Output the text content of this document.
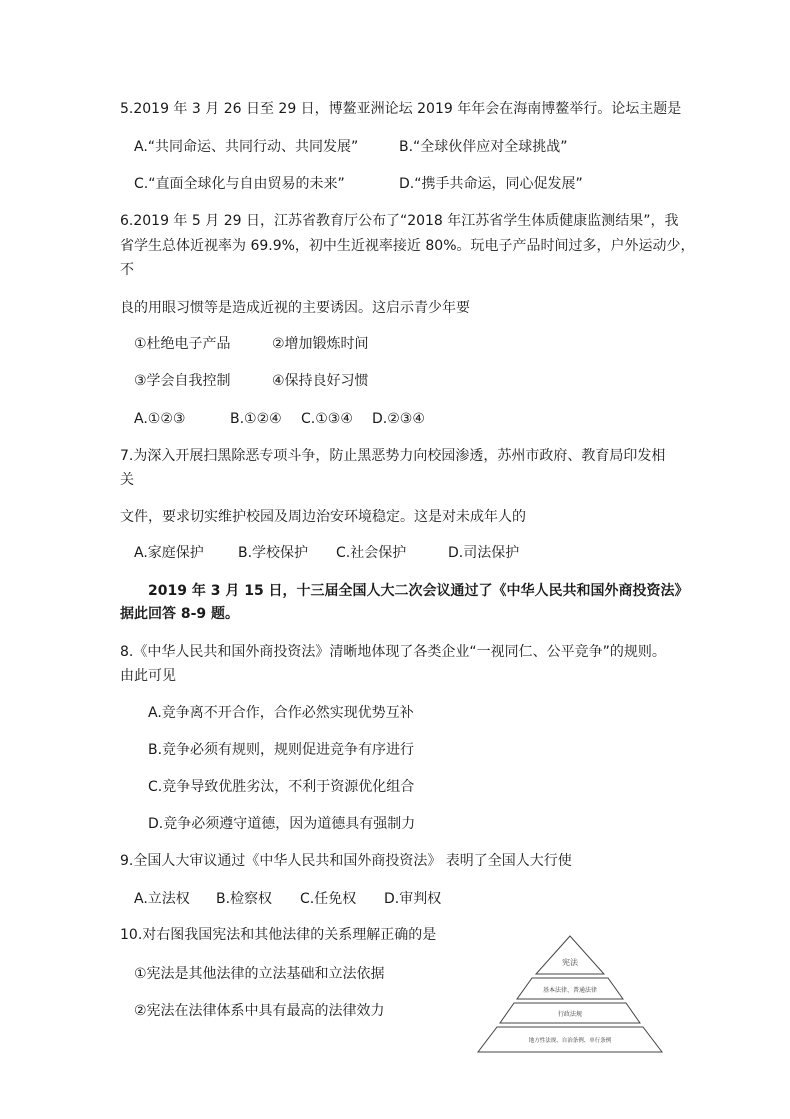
5.2019 年 3 月 26 日至 29 日，博鳌亚洲论坛 2019 年年会在海南博鳌举行。论坛主题是
A.“共同命运、共同行动、共同发展”	B.“全球伙伴应对全球挑战”
C.“直面全球化与自由贸易的未来”	D.“携手共命运，同心促发展”
6.2019 年 5 月 29 日，江苏省教育厅公布了“2018 年江苏省学生体质健康监测结果”，我
省学生总体近视率为 69.9%，初中生近视率接近 80%。玩电子产品时间过多，户外运动少，
不
良的用眼习惯等是造成近视的主要诱因。这启示青少年要
①杜绝电子产品	②增加锻炼时间
③学会自我控制	④保持良好习惯
A.①②③	B.①②④ C.①③④ D.②③④
7.为深入开展扫黑除恶专项斗争，防止黑恶势力向校园渗透，苏州市政府、教育局印发相
关
文件，要求切实维护校园及周边治安环境稳定。这是对未成年人的
A.家庭保护 B.学校保护 C.社会保护	D.司法保护
2019 年 3 月 15 日，十三届全国人大二次会议通过了《中华人民共和国外商投资法》
据此回答 8-9 题。
8.《中华人民共和国外商投资法》清晰地体现了各类企业“一视同仁、公平竞争”的规则。
由此可见
A.竞争离不开合作，合作必然实现优势互补
B.竞争必须有规则，规则促进竞争有序进行
C.竞争导致优胜劣汰，不利于资源优化组合
D.竞争必须遵守道德，因为道德具有强制力
9.全国人大审议通过《中华人民共和国外商投资法》 表明了全国人大行使
A.立法权 B.检察权 C.任免权 D.审判权
10.对右图我国宪法和其他法律的关系理解正确的是
①宪法是其他法律的立法基础和立法依据
②宪法在法律体系中具有最高的法律效力
宪法
基本法律、普通法律
行政法规
地方性法规、自治条例、单行条例
